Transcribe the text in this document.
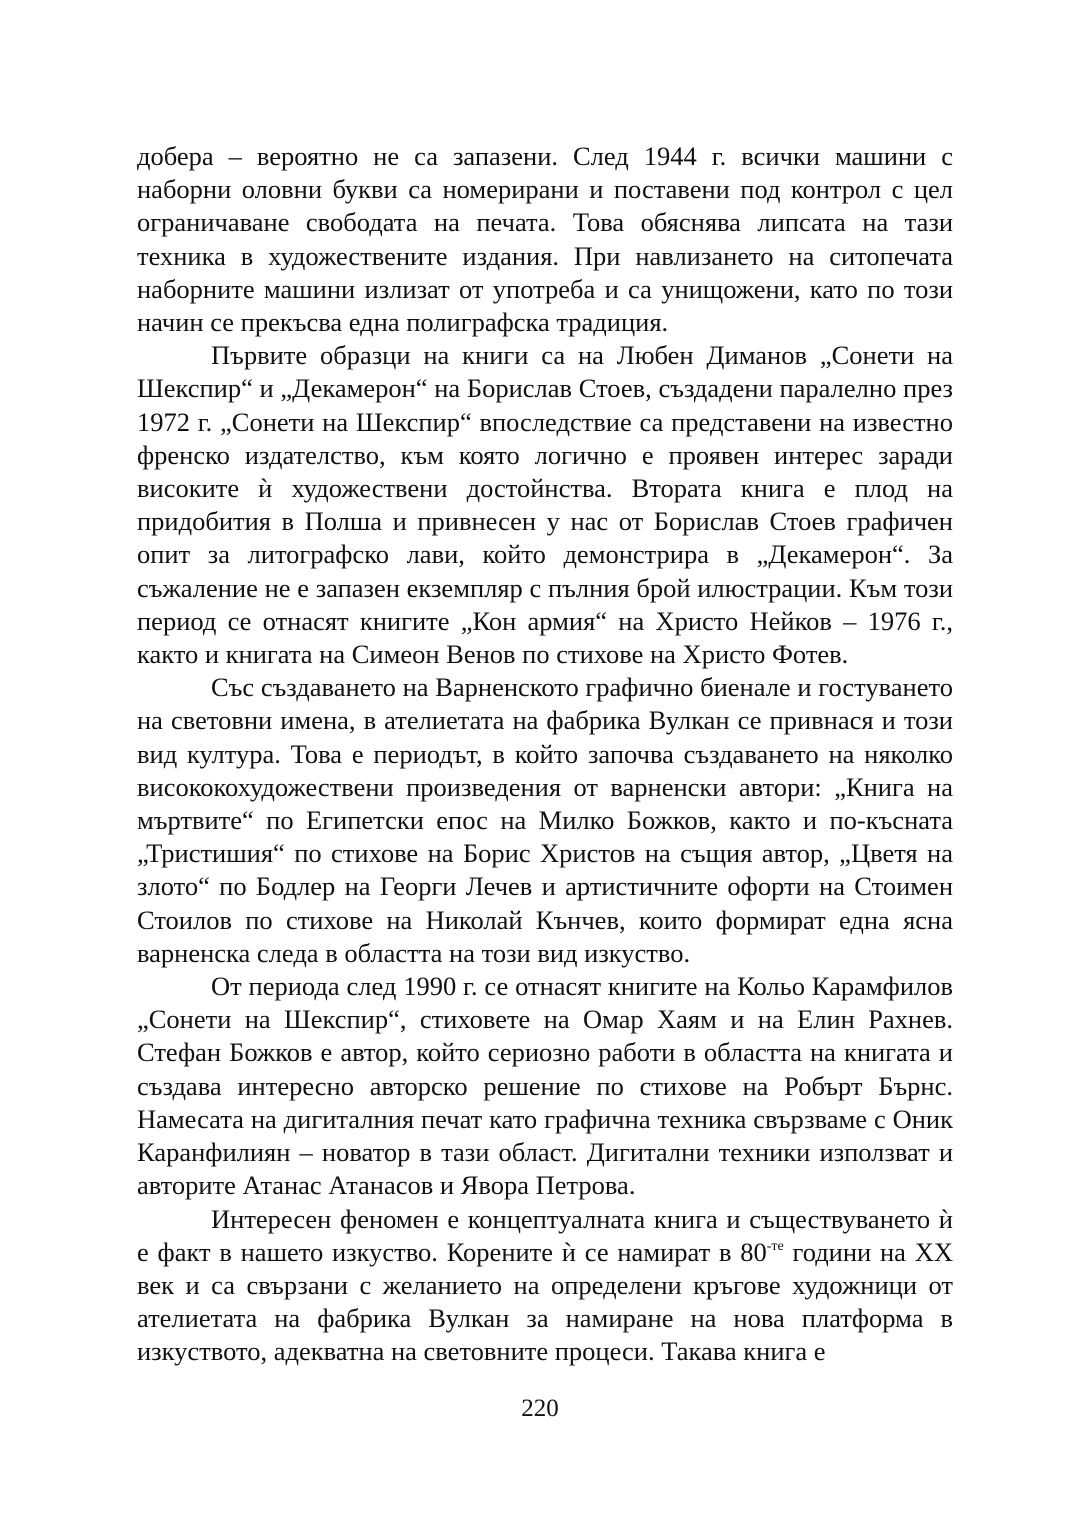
добера – вероятно не са запазени. След 1944 г. всички машини с наборни оловни букви са номерирани и поставени под контрол с цел ограничаване свободата на печата. Това обяснява липсата на тази техника в художествените издания. При навлизането на ситопечата наборните машини излизат от употреба и са унищожени, като по този начин се прекъсва една полиграфска традиция.

Първите образци на книги са на Любен Диманов „Сонети на Шекспир“ и „Декамерон“ на Борислав Стоев, създадени паралелно през 1972 г. „Сонети на Шекспир“ впоследствие са представени на известно френско издателство, към която логично е проявен интерес заради високите ѝ художествени достойнства. Втората книга е плод на придобития в Полша и привнесен у нас от Борислав Стоев графичен опит за литографско лави, който демонстрира в „Декамерон“. За съжаление не е запазен екземпляр с пълния брой илюстрации. Към този период се отнасят книгите „Кон армия“ на Христо Нейков – 1976 г., както и книгата на Симеон Венов по стихове на Христо Фотев.

Със създаването на Варненското графично биенале и гостуването на световни имена, в ателиетата на фабрика Вулкан се привнася и този вид култура. Това е периодът, в който започва създаването на няколко висококохудожествени произведения от варненски автори: „Книга на мъртвите“ по Египетски епос на Милко Божков, както и по-късната „Тристишия“ по стихове на Борис Христов на същия автор, „Цветя на злото“ по Бодлер на Георги Лечев и артистичните офорти на Стоимен Стоилов по стихове на Николай Кънчев, които формират една ясна варненска следа в областта на този вид изкуство.

От периода след 1990 г. се отнасят книгите на Кольо Карамфилов „Сонети на Шекспир“, стиховете на Омар Хаям и на Елин Рахнев. Стефан Божков е автор, който сериозно работи в областта на книгата и създава интересно авторско решение по стихове на Робърт Бърнс. Намесата на дигиталния печат като графична техника свързваме с Оник Каранфилиян – новатор в тази област. Дигитални техники използват и авторите Атанас Атанасов и Явора Петрова.

Интересен феномен е концептуалната книга и съществуването ѝ е факт в нашето изкуство. Корените ѝ се намират в $80^{-те}$ години на XX век и са свързани с желанието на определени кръгове художници от ателиетата на фабрика Вулкан за намиране на нова платформа в изкуството, адекватна на световните процеси. Такава книга е

220
